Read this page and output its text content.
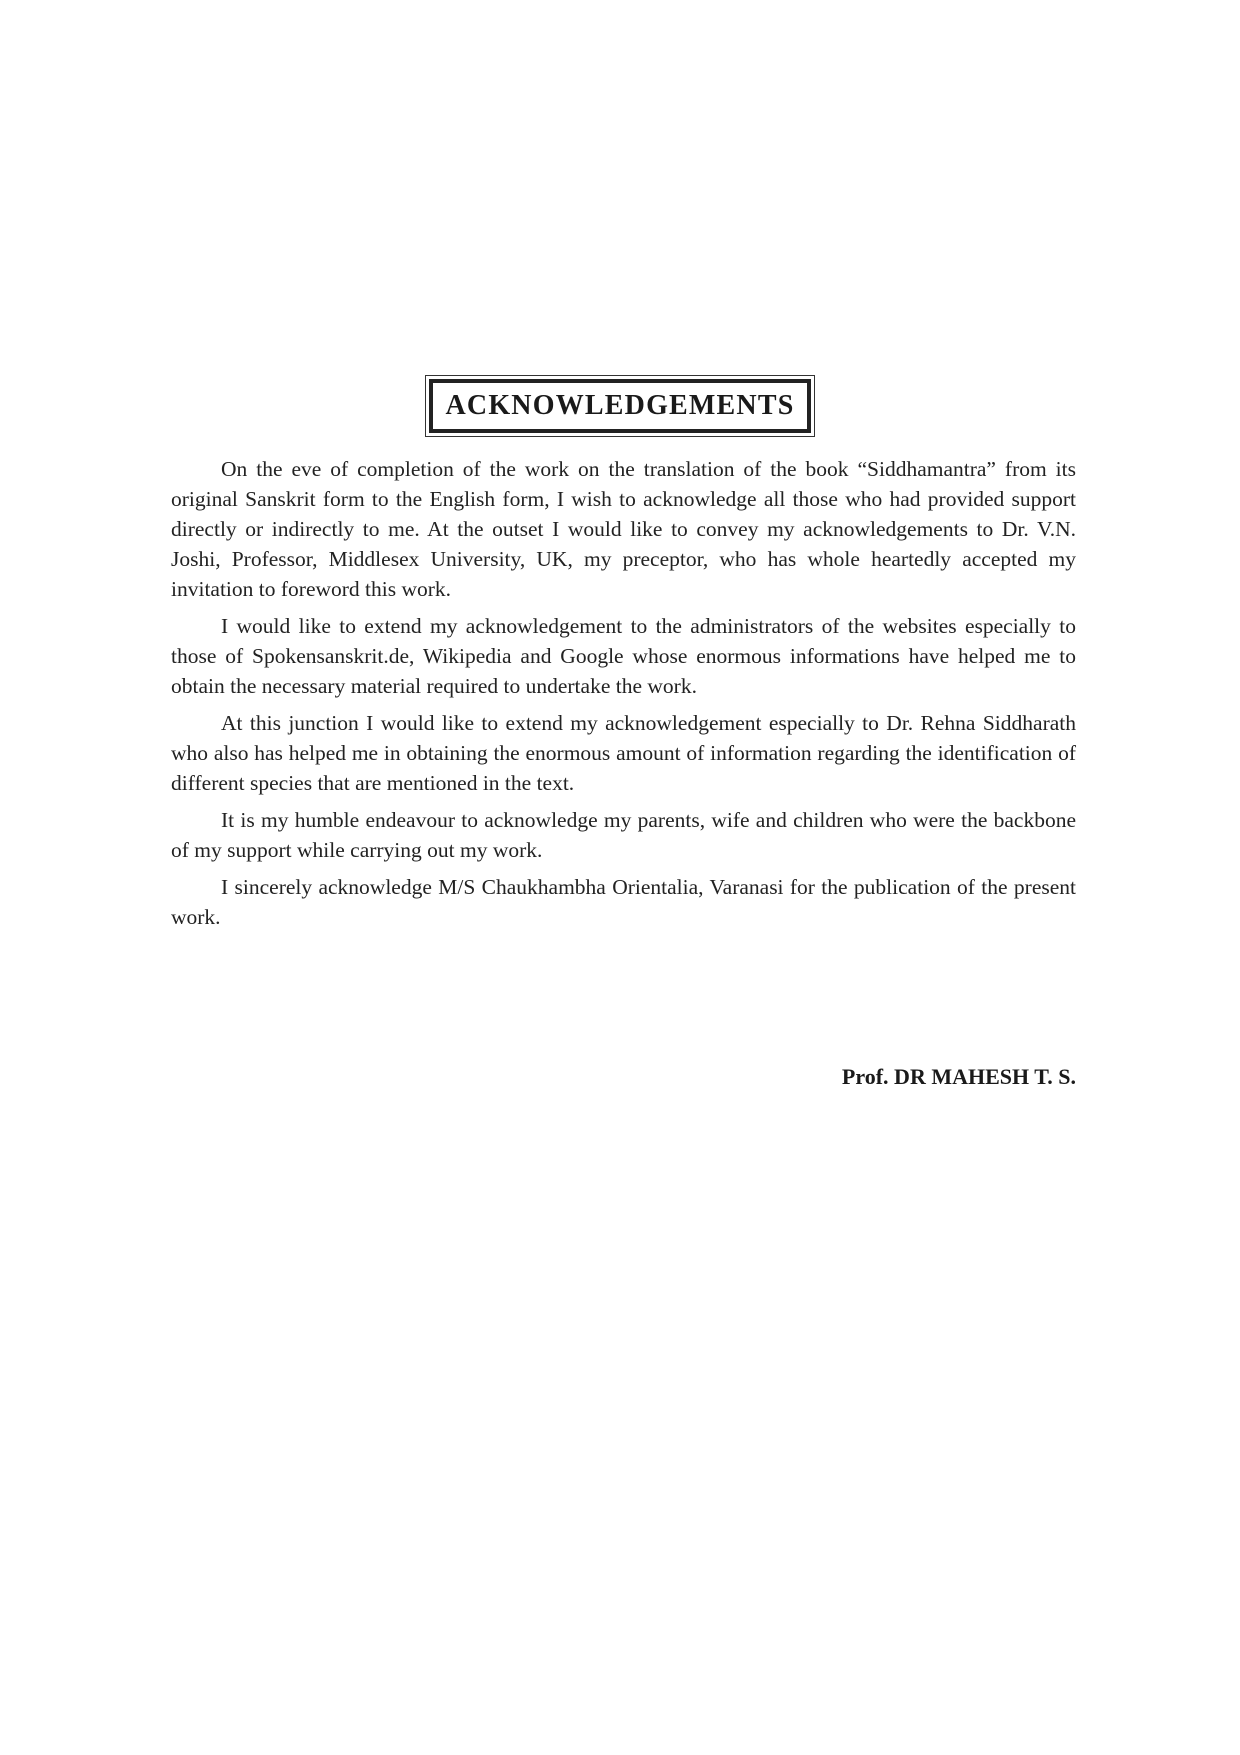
ACKNOWLEDGEMENTS

On the eve of completion of the work on the translation of the book “Siddhamantra” from its original Sanskrit form to the English form, I wish to acknowledge all those who had provided support directly or indirectly to me. At the outset I would like to convey my acknowledgements to Dr. V.N. Joshi, Professor, Middlesex University, UK, my preceptor, who has whole heartedly accepted my invitation to foreword this work.

I would like to extend my acknowledgement to the administrators of the websites especially to those of Spokensanskrit.de, Wikipedia and Google whose enormous informations have helped me to obtain the necessary material required to undertake the work.

At this junction I would like to extend my acknowledgement especially to Dr. Rehna Siddharath who also has helped me in obtaining the enormous amount of information regarding the identification of different species that are mentioned in the text.

It is my humble endeavour to acknowledge my parents, wife and children who were the backbone of my support while carrying out my work.

I sincerely acknowledge M/S Chaukhambha Orientalia, Varanasi for the publication of the present work.

Prof. DR MAHESH T. S.
